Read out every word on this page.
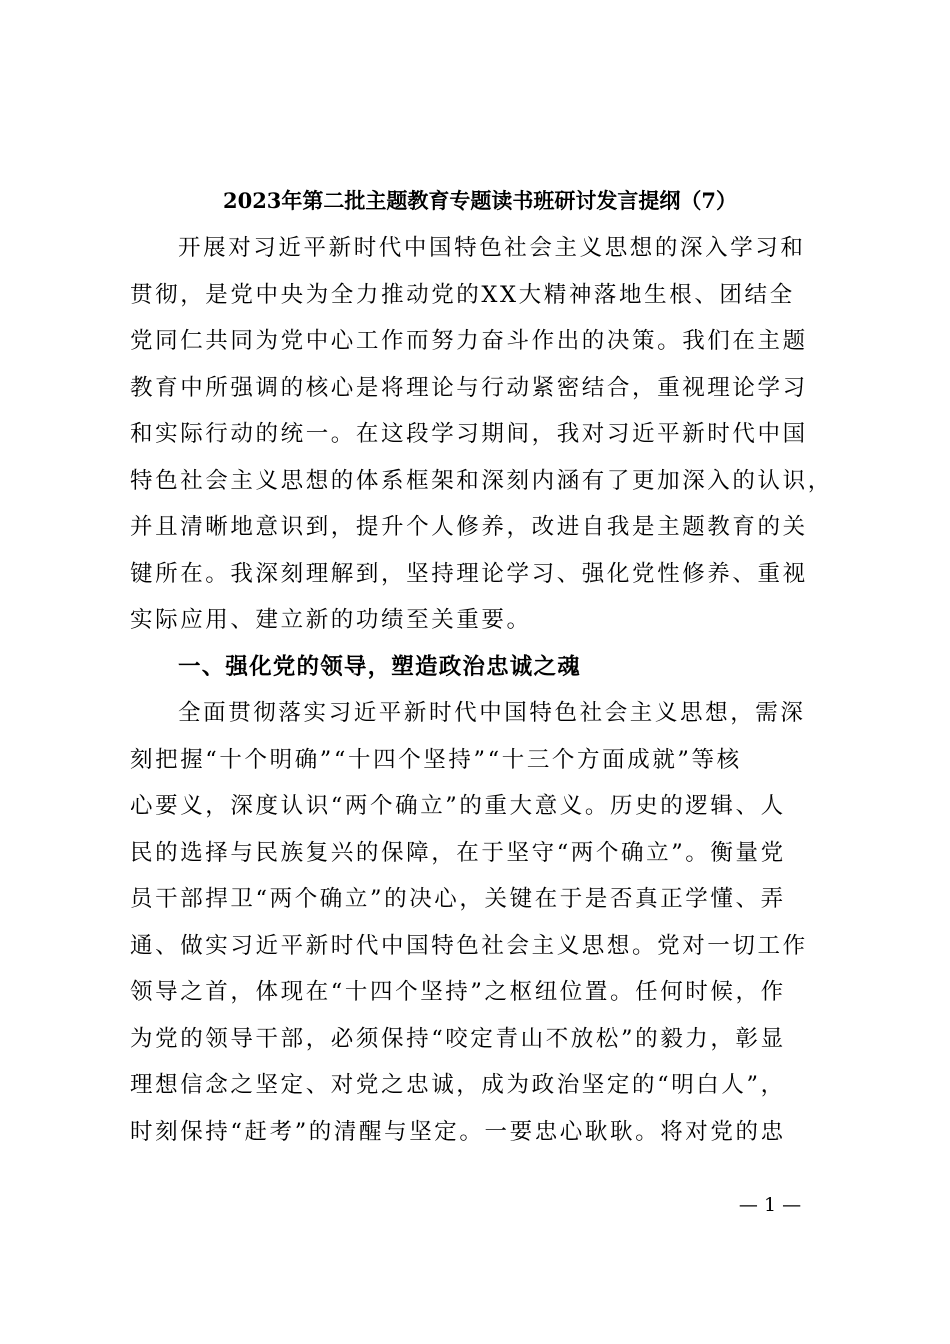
2023年第二批主题教育专题读书班研讨发言提纲（7）
开展对习近平新时代中国特色社会主义思想的深入学习和
贯彻，是党中央为全力推动党的XX大精神落地生根、团结全
党同仁共同为党中心工作而努力奋斗作出的决策。我们在主题
教育中所强调的核心是将理论与行动紧密结合，重视理论学习
和实际行动的统一。在这段学习期间，我对习近平新时代中国
特色社会主义思想的体系框架和深刻内涵有了更加深入的认识，
并且清晰地意识到，提升个人修养，改进自我是主题教育的关
键所在。我深刻理解到，坚持理论学习、强化党性修养、重视
实际应用、建立新的功绩至关重要。
一、强化党的领导，塑造政治忠诚之魂
全面贯彻落实习近平新时代中国特色社会主义思想，需深
刻把握“十个明确”“十四个坚持”“十三个方面成就”等核
心要义，深度认识“两个确立”的重大意义。历史的逻辑、人
民的选择与民族复兴的保障，在于坚守“两个确立”。衡量党
员干部捍卫“两个确立”的决心，关键在于是否真正学懂、弄
通、做实习近平新时代中国特色社会主义思想。党对一切工作
领导之首，体现在“十四个坚持”之枢纽位置。任何时候，作
为党的领导干部，必须保持“咬定青山不放松”的毅力，彰显
理想信念之坚定、对党之忠诚，成为政治坚定的“明白人”，
时刻保持“赶考”的清醒与坚定。一要忠心耿耿。将对党的忠
— 1 —
